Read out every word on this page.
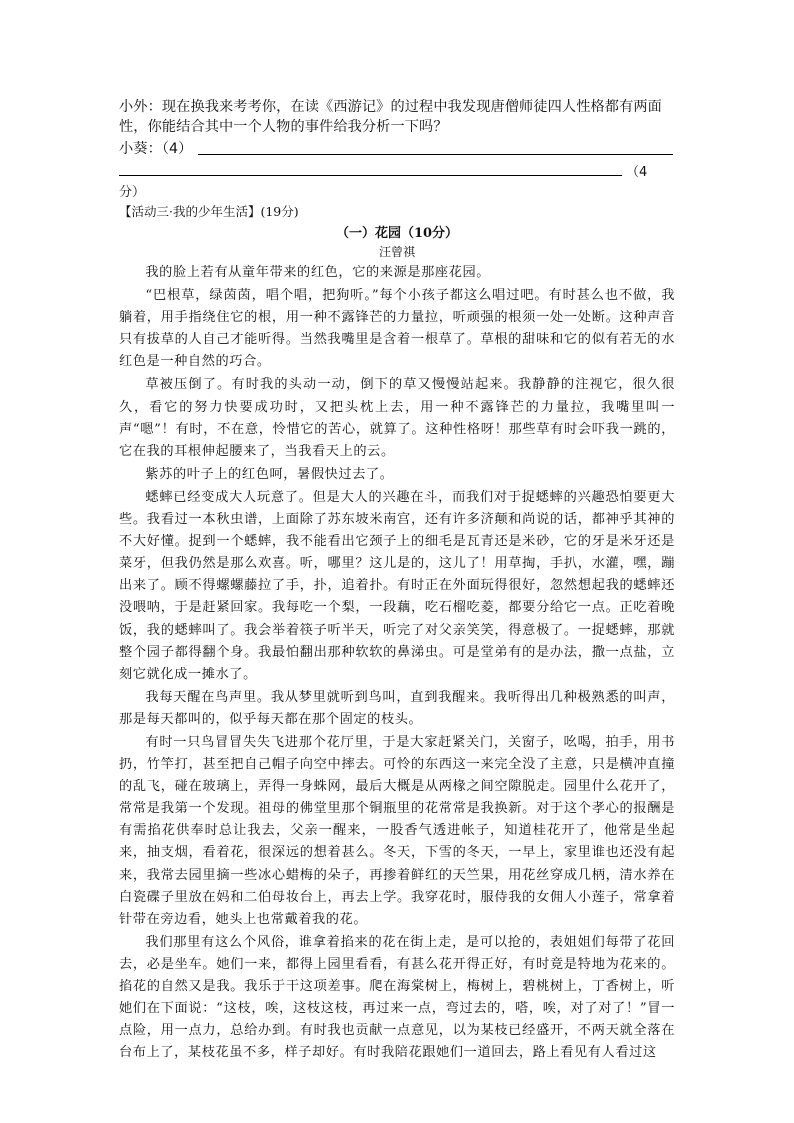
小外：现在换我来考考你，在读《西游记》的过程中我发现唐僧师徒四人性格都有两面
性，你能结合其中一个人物的事件给我分析一下吗？
小葵：（4）
（4
分）
【活动三·我的少年生活】(19分)
（一）花园（10分）
汪曾祺

我的脸上若有从童年带来的红色，它的来源是那座花园。

“巴根草，绿茵茵，唱个唱，把狗听。”每个小孩子都这么唱过吧。有时甚么也不做，我躺着，用手指绕住它的根，用一种不露锋芒的力量拉，听顽强的根须一处一处断。这种声音只有拔草的人自己才能听得。当然我嘴里是含着一根草了。草根的甜味和它的似有若无的水红色是一种自然的巧合。

草被压倒了。有时我的头动一动，倒下的草又慢慢站起来。我静静的注视它，很久很久，看它的努力快要成功时，又把头枕上去，用一种不露锋芒的力量拉，我嘴里叫一声“嗯”！有时，不在意，怜惜它的苦心，就算了。这种性格呀！那些草有时会吓我一跳的，它在我的耳根伸起腰来了，当我看天上的云。

紫苏的叶子上的红色呵，暑假快过去了。

蟋蟀已经变成大人玩意了。但是大人的兴趣在斗，而我们对于捉蟋蟀的兴趣恐怕要更大些。我看过一本秋虫谱，上面除了苏东坡米南宫，还有许多济颠和尚说的话，都神乎其神的不大好懂。捉到一个蟋蟀，我不能看出它颈子上的细毛是瓦青还是米砂，它的牙是米牙还是菜牙，但我仍然是那么欢喜。听，哪里？这儿是的，这儿了！用草掏，手扒，水灌，嘿，蹦出来了。顾不得螺螺藤拉了手，扑，追着扑。有时正在外面玩得很好，忽然想起我的蟋蟀还没喂呐，于是赶紧回家。我每吃一个梨，一段藕，吃石榴吃菱，都要分给它一点。正吃着晚饭，我的蟋蟀叫了。我会举着筷子听半天，听完了对父亲笑笑，得意极了。一捉蟋蟀，那就整个园子都得翻个身。我最怕翻出那种软软的鼻涕虫。可是堂弟有的是办法，撒一点盐，立刻它就化成一摊水了。

我每天醒在鸟声里。我从梦里就听到鸟叫，直到我醒来。我听得出几种极熟悉的叫声，那是每天都叫的，似乎每天都在那个固定的枝头。

有时一只鸟冒冒失失飞进那个花厅里，于是大家赶紧关门，关窗子，吆喝，拍手，用书扔，竹竿打，甚至把自己帽子向空中摔去。可怜的东西这一来完全没了主意，只是横冲直撞的乱飞，碰在玻璃上，弄得一身蛛网，最后大概是从两椽之间空隙脱走。园里什么花开了，常常是我第一个发现。祖母的佛堂里那个铜瓶里的花常常是我换新。对于这个孝心的报酬是有需掐花供奉时总让我去，父亲一醒来，一股香气透进帐子，知道桂花开了，他常是坐起来，抽支烟，看着花，很深远的想着甚么。冬天，下雪的冬天，一早上，家里谁也还没有起来，我常去园里摘一些冰心蜡梅的朵子，再掺着鲜红的天竺果，用花丝穿成几柄，清水养在白瓷碟子里放在妈和二伯母妆台上，再去上学。我穿花时，服侍我的女佣人小莲子，常拿着针带在旁边看，她头上也常戴着我的花。

我们那里有这么个风俗，谁拿着掐来的花在街上走，是可以抢的，表姐姐们每带了花回去，必是坐车。她们一来，都得上园里看看，有甚么花开得正好，有时竟是特地为花来的。掐花的自然又是我。我乐于干这项差事。爬在海棠树上，梅树上，碧桃树上，丁香树上，听她们在下面说：“这枝，唉，这枝这枝，再过来一点，弯过去的，嗒，唉，对了对了！”冒一点险，用一点力，总给办到。有时我也贡献一点意见，以为某枝已经盛开，不两天就全落在台布上了，某枝花虽不多，样子却好。有时我陪花跟她们一道回去，路上看见有人看过这
